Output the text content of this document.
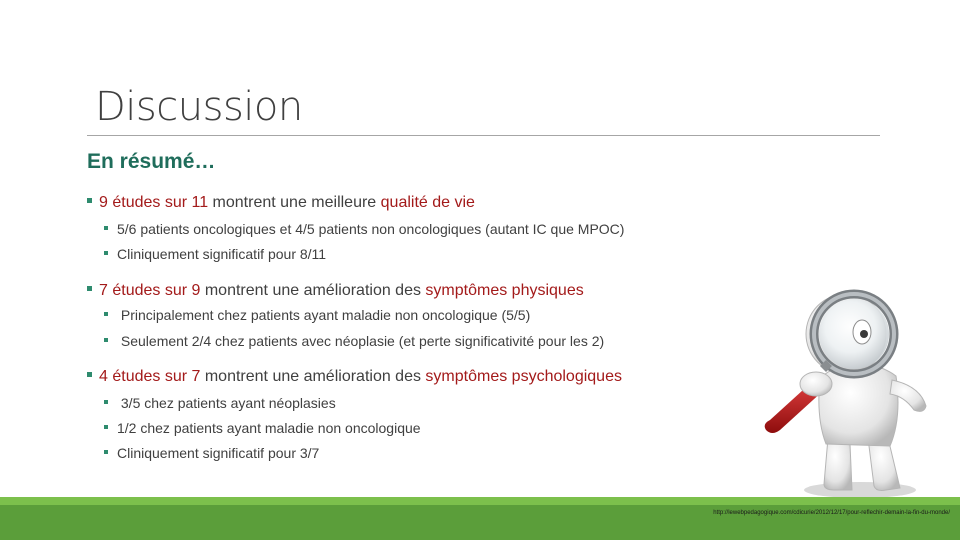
Discussion
En résumé…
9 études sur 11 montrent une meilleure qualité de vie
5/6 patients oncologiques et 4/5 patients non oncologiques (autant IC que MPOC)
Cliniquement significatif pour 8/11
7 études sur 9 montrent une amélioration des symptômes physiques
Principalement chez patients ayant maladie non oncologique (5/5)
Seulement 2/4 chez patients avec néoplasie (et perte significativité pour les 2)
4 études sur 7 montrent une amélioration des symptômes psychologiques
3/5 chez patients ayant néoplasies
1/2 chez patients ayant maladie non oncologique
Cliniquement significatif pour 3/7
http://lewebpedagogique.com/cdicurie/2012/12/17/pour-reflechir-demain-la-fin-du-monde/
